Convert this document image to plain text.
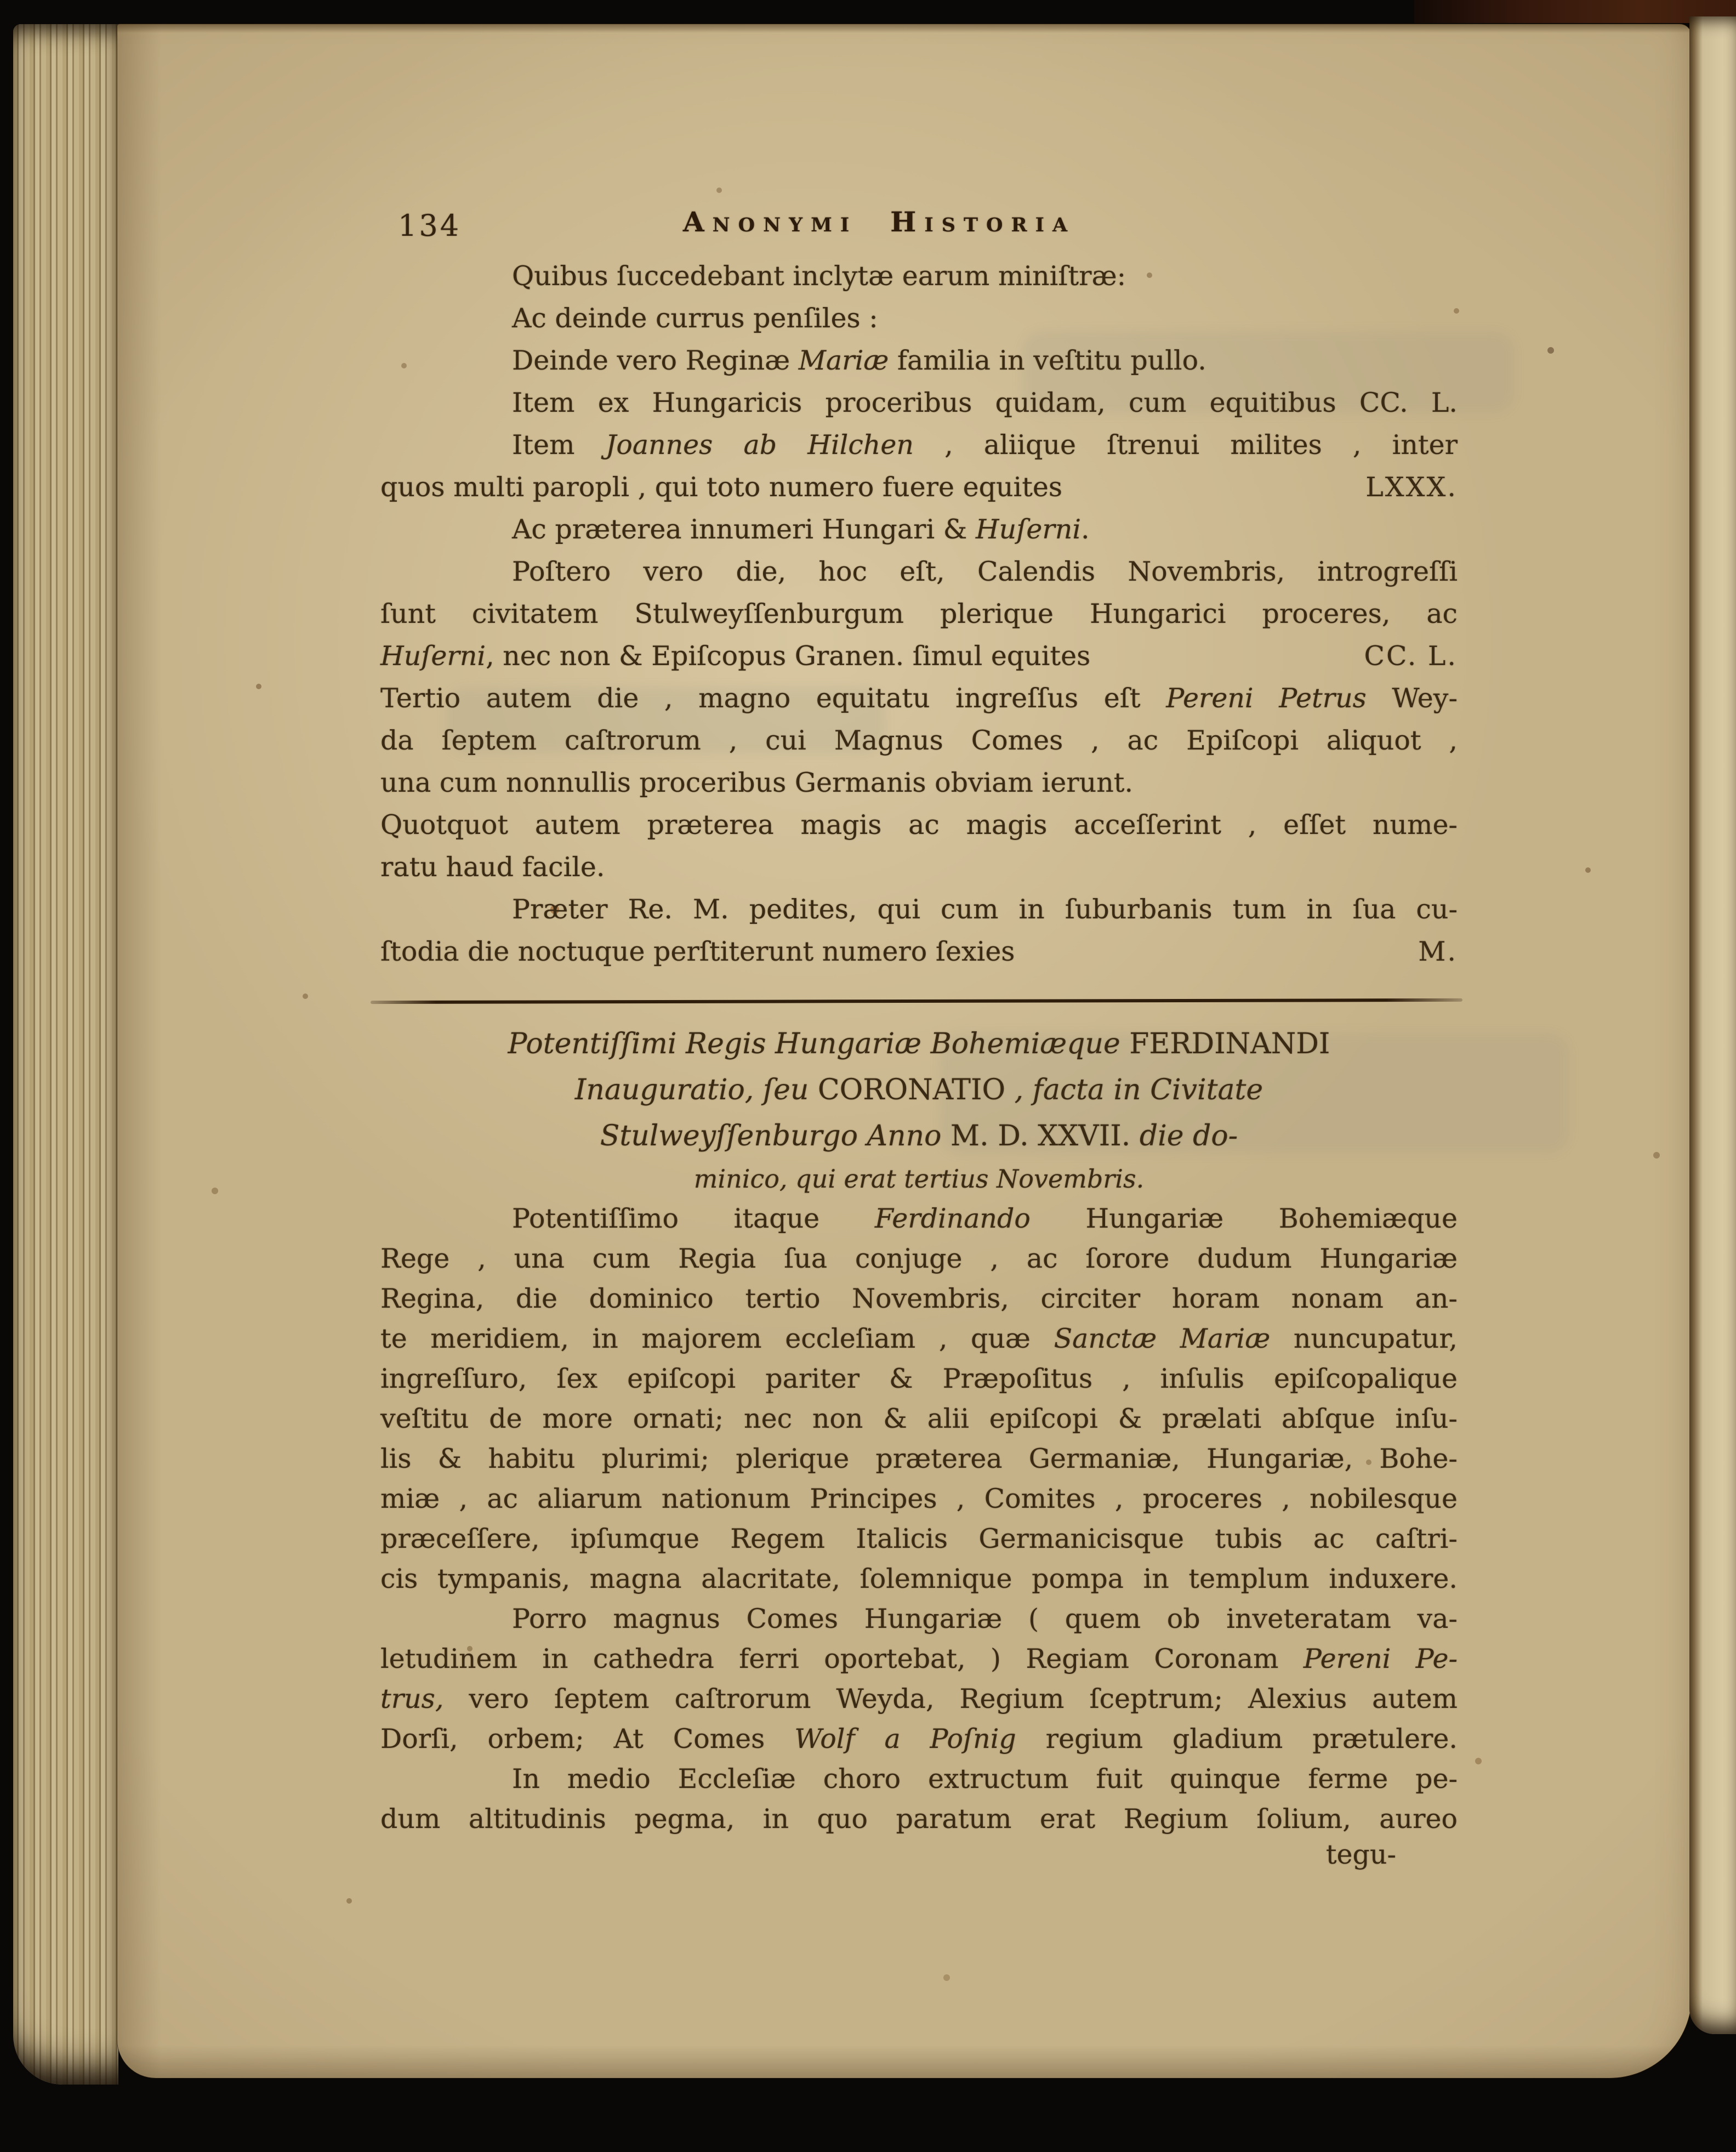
134	Anonymi Historia
Quibus ſuccedebant inclytæ earum miniſtræ:
Ac deinde currus penſiles :
Deinde vero Reginæ Mariæ familia in veſtitu pullo.
Item ex Hungaricis proceribus quidam, cum equitibus CC. L.
Item Joannes ab Hilchen , aliique ſtrenui milites , inter
quos multi paropli , qui toto numero fuere equites	LXXX.
Ac præterea innumeri Hungari & Huſerni.
Poſtero vero die, hoc eſt, Calendis Novembris, introgreſſi
ſunt civitatem Stulweyſſenburgum plerique Hungarici proceres, ac
Huſerni, nec non & Epiſcopus Granen. ſimul equites	CC. L.
Tertio autem die , magno equitatu ingreſſus eſt Pereni Petrus Wey-
da ſeptem caſtrorum , cui Magnus Comes , ac Epiſcopi aliquot ,
una cum nonnullis proceribus Germanis obviam ierunt.
Quotquot autem præterea magis ac magis acceſſerint , eſſet nume-
ratu haud facile.
Præter Re. M. pedites, qui cum in ſuburbanis tum in ſua cu-
ſtodia die noctuque perſtiterunt numero ſexies	M.
Potentiſſimi Regis Hungariæ Bohemiæque FERDINANDI
Inauguratio, ſeu CORONATIO , facta in Civitate
Stulweyſſenburgo Anno M. D. XXVII. die do-
minico, qui erat tertius Novembris.
Potentiſſimo itaque Ferdinando Hungariæ Bohemiæque
Rege , una cum Regia ſua conjuge , ac ſorore dudum Hungariæ
Regina, die dominico tertio Novembris, circiter horam nonam an-
te meridiem, in majorem eccleſiam , quæ Sanctæ Mariæ nuncupatur,
ingreſſuro, ſex epiſcopi pariter & Præpoſitus , inſulis epiſcopalique
veſtitu de more ornati; nec non & alii epiſcopi & prælati abſque inſu-
lis & habitu plurimi; plerique præterea Germaniæ, Hungariæ, Bohe-
miæ , ac aliarum nationum Principes , Comites , proceres , nobilesque
præceſſere, ipſumque Regem Italicis Germanicisque tubis ac caſtri-
cis tympanis, magna alacritate, ſolemnique pompa in templum induxere.
Porro magnus Comes Hungariæ ( quem ob inveteratam va-
letudinem in cathedra ferri oportebat, ) Regiam Coronam Pereni Pe-
trus, vero ſeptem caſtrorum Weyda, Regium ſceptrum; Alexius autem
Dorſi, orbem; At Comes Wolf a Poſnig regium gladium prætulere.
In medio Eccleſiæ choro extructum fuit quinque ferme pe-
dum altitudinis pegma, in quo paratum erat Regium ſolium, aureo
tegu-
